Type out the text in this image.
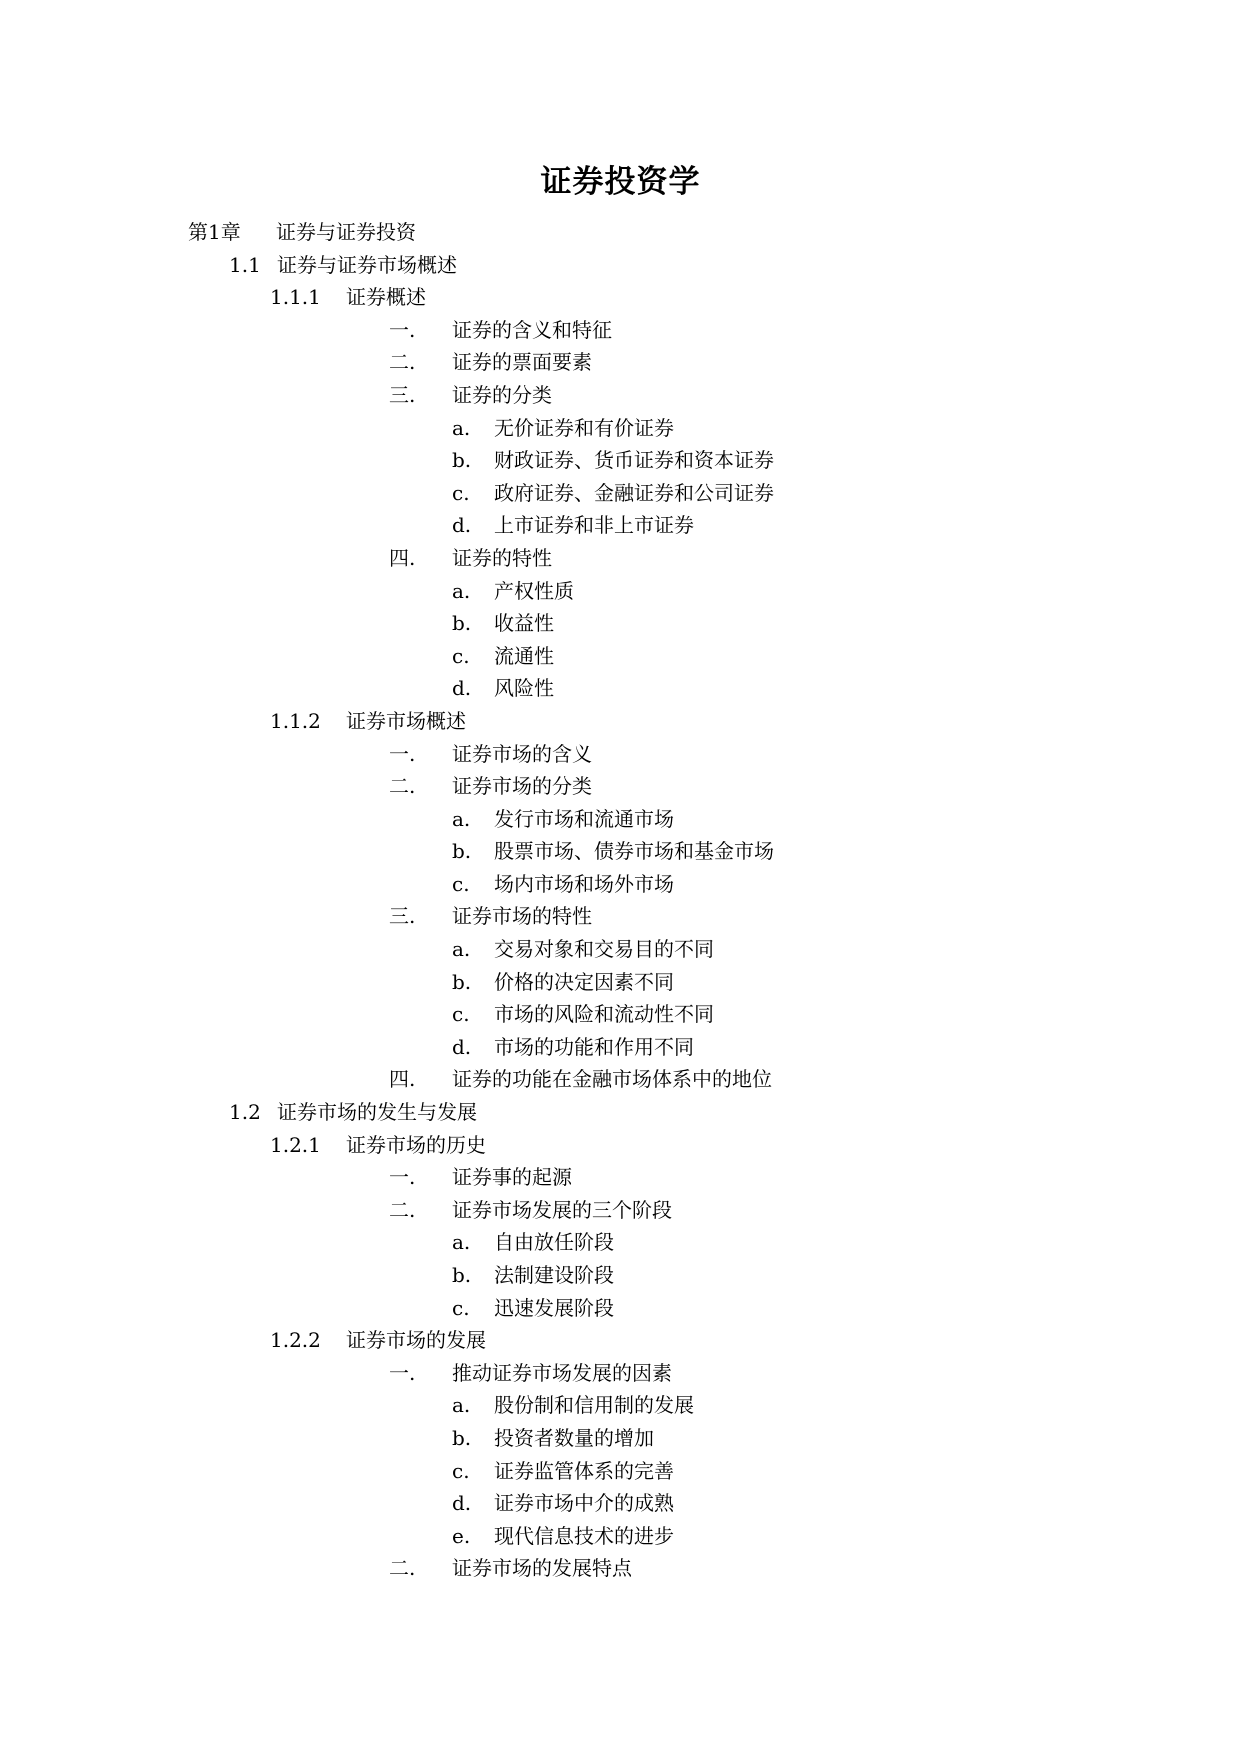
证券投资学
第1章 证券与证券投资
1.1 证券与证券市场概述
1.1.1 证券概述
一. 证券的含义和特征
二. 证券的票面要素
三. 证券的分类
a. 无价证券和有价证券
b. 财政证券、货币证券和资本证券
c. 政府证券、金融证券和公司证券
d. 上市证券和非上市证券
四. 证券的特性
a. 产权性质
b. 收益性
c. 流通性
d. 风险性
1.1.2 证券市场概述
一. 证券市场的含义
二. 证券市场的分类
a. 发行市场和流通市场
b. 股票市场、债券市场和基金市场
c. 场内市场和场外市场
三. 证券市场的特性
a. 交易对象和交易目的不同
b. 价格的决定因素不同
c. 市场的风险和流动性不同
d. 市场的功能和作用不同
四. 证券的功能在金融市场体系中的地位
1.2 证券市场的发生与发展
1.2.1 证券市场的历史
一. 证券事的起源
二. 证券市场发展的三个阶段
a. 自由放任阶段
b. 法制建设阶段
c. 迅速发展阶段
1.2.2 证券市场的发展
一. 推动证券市场发展的因素
a. 股份制和信用制的发展
b. 投资者数量的增加
c. 证券监管体系的完善
d. 证券市场中介的成熟
e. 现代信息技术的进步
二. 证券市场的发展特点
